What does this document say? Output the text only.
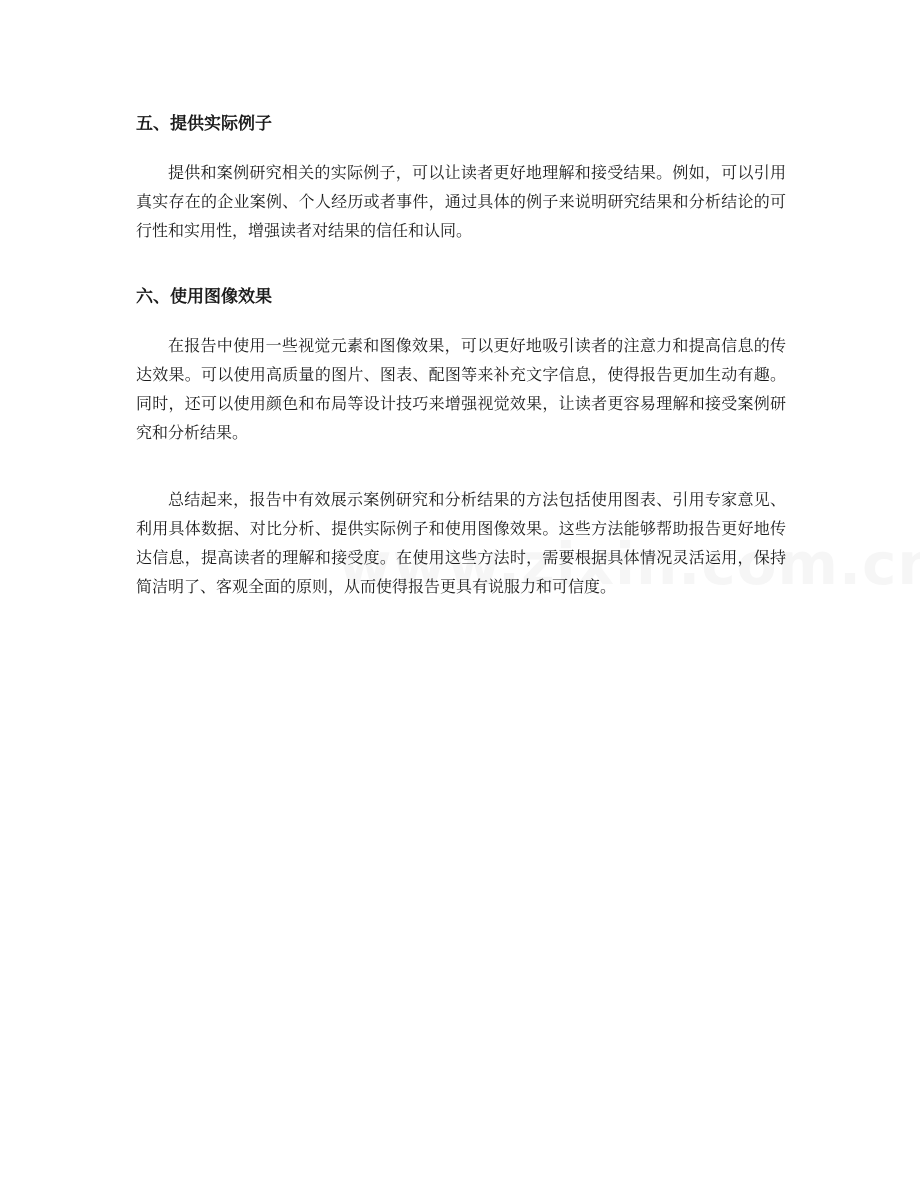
五、提供实际例子

提供和案例研究相关的实际例子，可以让读者更好地理解和接受结果。例如，可以引用真实存在的企业案例、个人经历或者事件，通过具体的例子来说明研究结果和分析结论的可行性和实用性，增强读者对结果的信任和认同。

六、使用图像效果

在报告中使用一些视觉元素和图像效果，可以更好地吸引读者的注意力和提高信息的传达效果。可以使用高质量的图片、图表、配图等来补充文字信息，使得报告更加生动有趣。同时，还可以使用颜色和布局等设计技巧来增强视觉效果，让读者更容易理解和接受案例研究和分析结果。

总结起来，报告中有效展示案例研究和分析结果的方法包括使用图表、引用专家意见、利用具体数据、对比分析、提供实际例子和使用图像效果。这些方法能够帮助报告更好地传达信息，提高读者的理解和接受度。在使用这些方法时，需要根据具体情况灵活运用，保持简洁明了、客观全面的原则，从而使得报告更具有说服力和可信度。
